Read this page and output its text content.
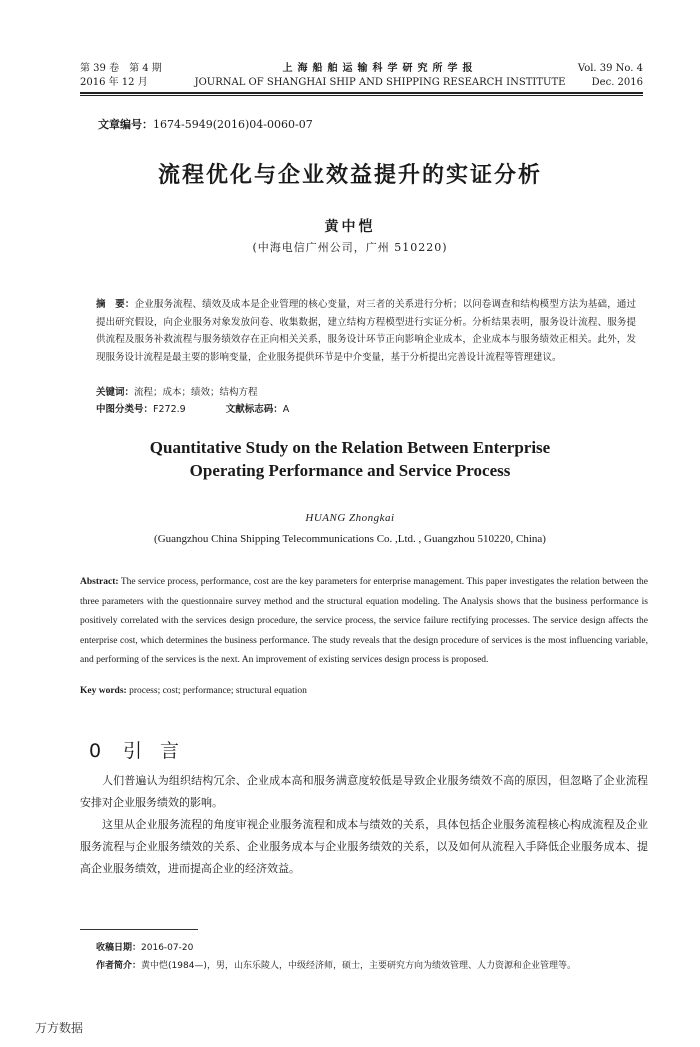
第 39 卷　第 4 期
2016 年 12 月
上海船舶运输科学研究所学报
JOURNAL OF SHANGHAI SHIP AND SHIPPING RESEARCH INSTITUTE
Vol. 39 No. 4
Dec. 2016
文章编号：1674-5949(2016)04-0060-07
流程优化与企业效益提升的实证分析
黄中恺
(中海电信广州公司，广州 510220)
摘　要：企业服务流程、绩效及成本是企业管理的核心变量，对三者的关系进行分析；以问卷调查和结构模型方法为基础，通过提出研究假设，向企业服务对象发放问卷、收集数据，建立结构方程模型进行实证分析。分析结果表明，服务设计流程、服务提供流程及服务补救流程与服务绩效存在正向相关关系，服务设计环节正向影响企业成本，企业成本与服务绩效正相关。此外，发现服务设计流程是最主要的影响变量，企业服务提供环节是中介变量，基于分析提出完善设计流程等管理建议。
关键词：流程；成本；绩效；结构方程
中图分类号：F272.9	文献标志码：A
Quantitative Study on the Relation Between Enterprise
Operating Performance and Service Process
HUANG Zhongkai
(Guangzhou China Shipping Telecommunications Co. ,Ltd. , Guangzhou 510220, China)
Abstract: The service process, performance, cost are the key parameters for enterprise management. This paper investigates the relation between the three parameters with the questionnaire survey method and the structural equation modeling. The Analysis shows that the business performance is positively correlated with the services design procedure, the service process, the service failure rectifying processes. The service design affects the enterprise cost, which determines the business performance. The study reveals that the design procedure of services is the most influencing variable, and performing of the services is the next. An improvement of existing services design process is proposed.
Key words: process; cost; performance; structural equation
0 引言
人们普遍认为组织结构冗余、企业成本高和服务满意度较低是导致企业服务绩效不高的原因，但忽略了企业流程安排对企业服务绩效的影响。
这里从企业服务流程的角度审视企业服务流程和成本与绩效的关系，具体包括企业服务流程核心构成流程及企业服务流程与企业服务绩效的关系、企业服务成本与企业服务绩效的关系，以及如何从流程入手降低企业服务成本、提高企业服务绩效，进而提高企业的经济效益。
收稿日期：2016-07-20
作者简介：黄中恺(1984—)，男，山东乐陵人，中级经济师，硕士，主要研究方向为绩效管理、人力资源和企业管理等。
万方数据
